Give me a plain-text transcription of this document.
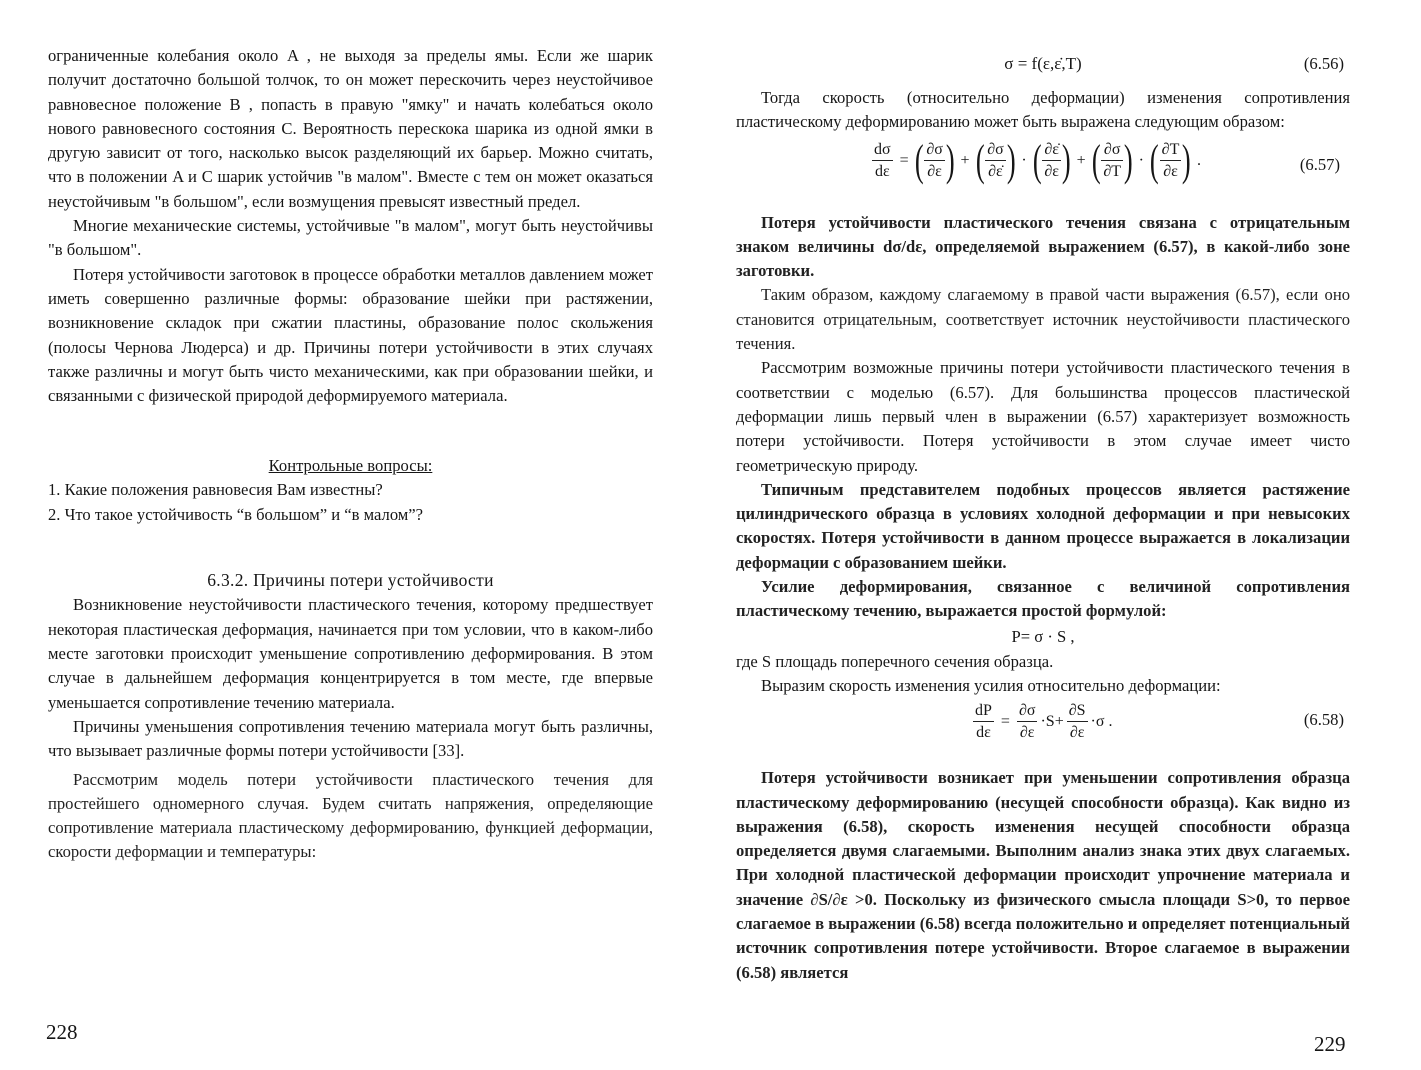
ограниченные колебания около A , не выходя за пределы ямы. Если же шарик получит достаточно большой толчок, то он может перескочить через неустойчивое равновесное положение B , попасть в правую "ямку" и начать колебаться около нового равновесного состояния C. Вероятность перескока шарика из одной ямки в другую зависит от того, насколько высок разделяющий их барьер. Можно считать, что в положении A и C шарик устойчив "в малом". Вместе с тем он может оказаться неустойчивым "в большом", если возмущения превысят известный предел.

Многие механические системы, устойчивые "в малом", могут быть неустойчивы "в большом".

Потеря устойчивости заготовок в процессе обработки металлов давлением может иметь совершенно различные формы: образование шейки при растяжении, возникновение складок при сжатии пластины, образование полос скольжения (полосы Чернова Людерса) и др. Причины потери устойчивости в этих случаях также различны и могут быть чисто механическими, как при образовании шейки, и связанными с физической природой деформируемого материала.

Контрольные вопросы:

1. Какие положения равновесия Вам известны?

2. Что такое устойчивость “в большом” и “в малом”?

6.3.2. Причины потери устойчивости

Возникновение неустойчивости пластического течения, которому предшествует некоторая пластическая деформация, начинается при том условии, что в каком-либо месте заготовки происходит уменьшение сопротивлению деформирования. В этом случае в дальнейшем деформация концентрируется в том месте, где впервые уменьшается сопротивление течению материала.

Причины уменьшения сопротивления течению материала могут быть различны, что вызывает различные формы потери устойчивости [33].

Рассмотрим модель потери устойчивости пластического течения для простейшего одномерного случая. Будем считать напряжения, определяющие сопротивление материала пластическому деформированию, функцией деформации, скорости деформации и температуры:

228
σ = f(ε,ε̇,T)	(6.56)

Тогда скорость (относительно деформации) изменения сопротивления пластическому деформированию может быть выражена следующим образом:

$\frac{d\sigma}{d\varepsilon}$ = ( $\frac{\partial\sigma}{\partial\varepsilon}$ ) + ( $\frac{\partial\sigma}{\partial\varepsiloṅ}$ ) · ( $\frac{\partial\varepsiloṅ}{\partial\varepsilon}$ ) + ( $\frac{\partial\sigma}{\partial T}$ ) · ( $\frac{\partial T}{\partial\varepsilon}$ ) .	(6.57)

Потеря устойчивости пластического течения связана с отрицательным знаком величины dσ/dε, определяемой выражением (6.57), в какой-либо зоне заготовки.

Таким образом, каждому слагаемому в правой части выражения (6.57), если оно становится отрицательным, соответствует источник неустойчивости пластического течения.

Рассмотрим возможные причины потери устойчивости пластического течения в соответствии с моделью (6.57). Для большинства процессов пластической деформации лишь первый член в выражении (6.57) характеризует возможность потери устойчивости. Потеря устойчивости в этом случае имеет чисто геометрическую природу.

Типичным представителем подобных процессов является растяжение цилиндрического образца в условиях холодной деформации и при невысоких скоростях. Потеря устойчивости в данном процессе выражается в локализации деформации с образованием шейки.

Усилие деформирования, связанное с величиной сопротивления пластическому течению, выражается простой формулой:

P= σ · S ,

где S площадь поперечного сечения образца.

Выразим скорость изменения усилия относительно деформации:

$\frac{dP}{d\varepsilon} = \frac{\partial\sigma}{\partial\varepsilon} \cdot S+ \frac{\partial S}{\partial\varepsilon} \cdot\sigma$ .	(6.58)

Потеря устойчивости возникает при уменьшении сопротивления образца пластическому деформированию (несущей способности образца). Как видно из выражения (6.58), скорость изменения несущей способности образца определяется двумя слагаемыми. Выполним анализ знака этих двух слагаемых. При холодной пластической деформации происходит упрочнение материала и значение ∂S/∂ε >0. Поскольку из физического смысла площади S>0, то первое слагаемое в выражении (6.58) всегда положительно и определяет потенциальный источник сопротивления потере устойчивости. Второе слагаемое в выражении (6.58) является

229
